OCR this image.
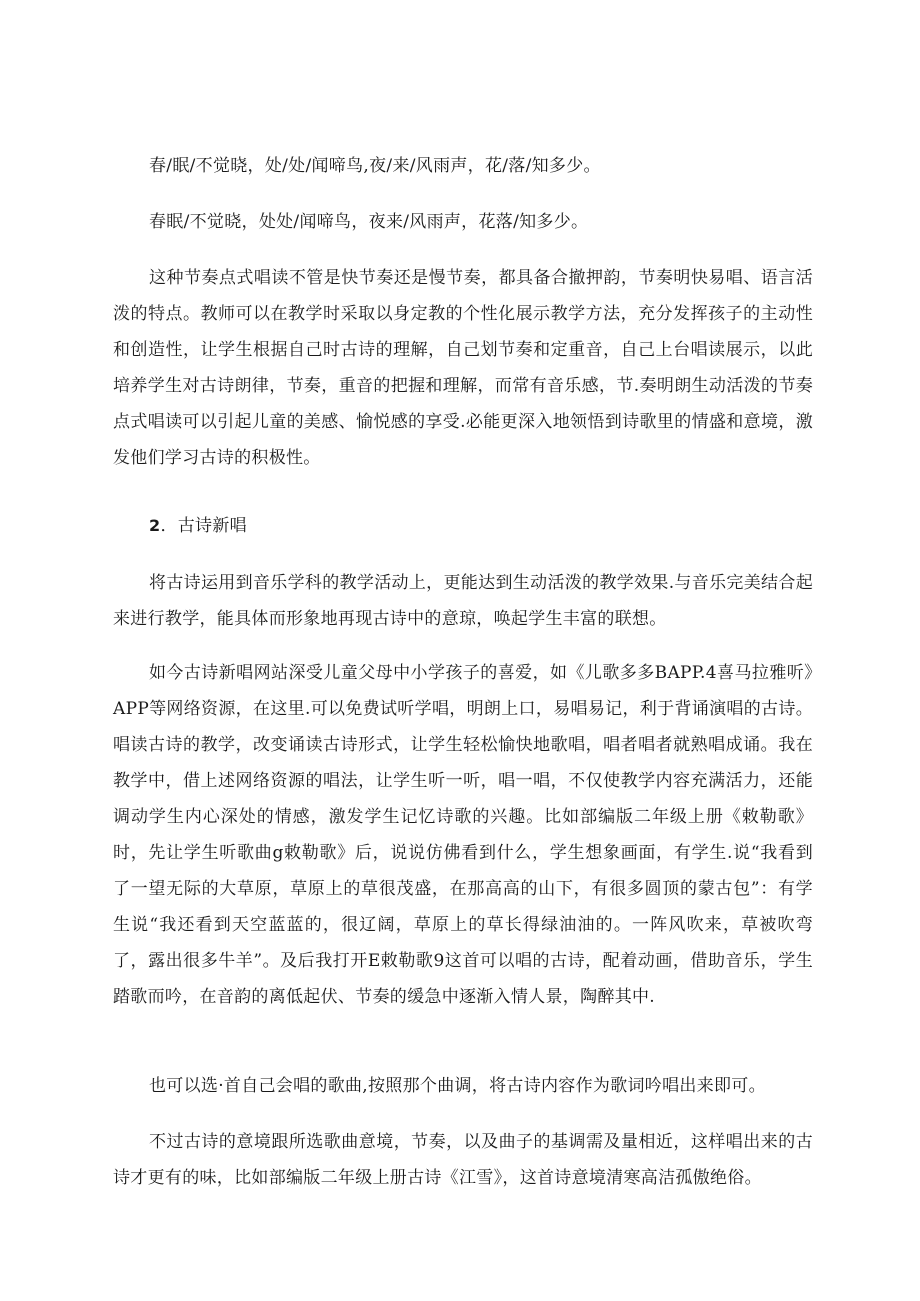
春/眠/不觉晓，处/处/闻啼鸟,夜/来/风雨声，花/落/知多少。

春眠/不觉晓，处处/闻啼鸟，夜来/风雨声，花落/知多少。

这种节奏点式唱读不管是快节奏还是慢节奏，都具备合撤押韵，节奏明快易唱、语言活泼的特点。教师可以在教学时采取以身定教的个性化展示教学方法，充分发挥孩子的主动性和创造性，让学生根据自己时古诗的理解，自己划节奏和定重音，自己上台唱读展示，以此培养学生对古诗朗律，节奏，重音的把握和理解，而常有音乐感，节.奏明朗生动活泼的节奏点式唱读可以引起儿童的美感、愉悦感的享受.必能更深入地领悟到诗歌里的情盛和意境，激发他们学习古诗的积极性。

2．古诗新唱

将古诗运用到音乐学科的教学活动上，更能达到生动活泼的教学效果.与音乐完美结合起来进行教学，能具体而形象地再现古诗中的意琼，唤起学生丰富的联想。

如今古诗新唱网站深受儿童父母中小学孩子的喜爱，如《儿歌多多BAPP.4喜马拉雅听》APP等网络资源，在这里.可以免费试听学唱，明朗上口，易唱易记，利于背诵演唱的古诗。唱读古诗的教学，改变诵读古诗形式，让学生轻松愉快地歌唱，唱者唱者就熟唱成诵。我在教学中，借上述网络资源的唱法，让学生听一听，唱一唱，不仅使教学内容充满活力，还能调动学生内心深处的情感，激发学生记忆诗歌的兴趣。比如部编版二年级上册《敕勒歌》时，先让学生听歌曲g敕勒歌》后，说说仿佛看到什么，学生想象画面，有学生.说“我看到了一望无际的大草原，草原上的草很茂盛，在那高高的山下，有很多圆顶的蒙古包”：有学生说“我还看到天空蓝蓝的，很辽阔，草原上的草长得绿油油的。一阵风吹来，草被吹弯了，露出很多牛羊”。及后我打开E敕勒歌9这首可以唱的古诗，配着动画，借助音乐，学生踏歌而吟，在音韵的离低起伏、节奏的缓急中逐渐入情人景，陶醉其中.

也可以选·首自己会唱的歌曲,按照那个曲调，将古诗内容作为歌词吟唱出来即可。

不过古诗的意境跟所选歌曲意境，节奏，以及曲子的基调需及量相近，这样唱出来的古诗才更有的味，比如部编版二年级上册古诗《江雪》，这首诗意境清寒高洁孤傲绝俗。
